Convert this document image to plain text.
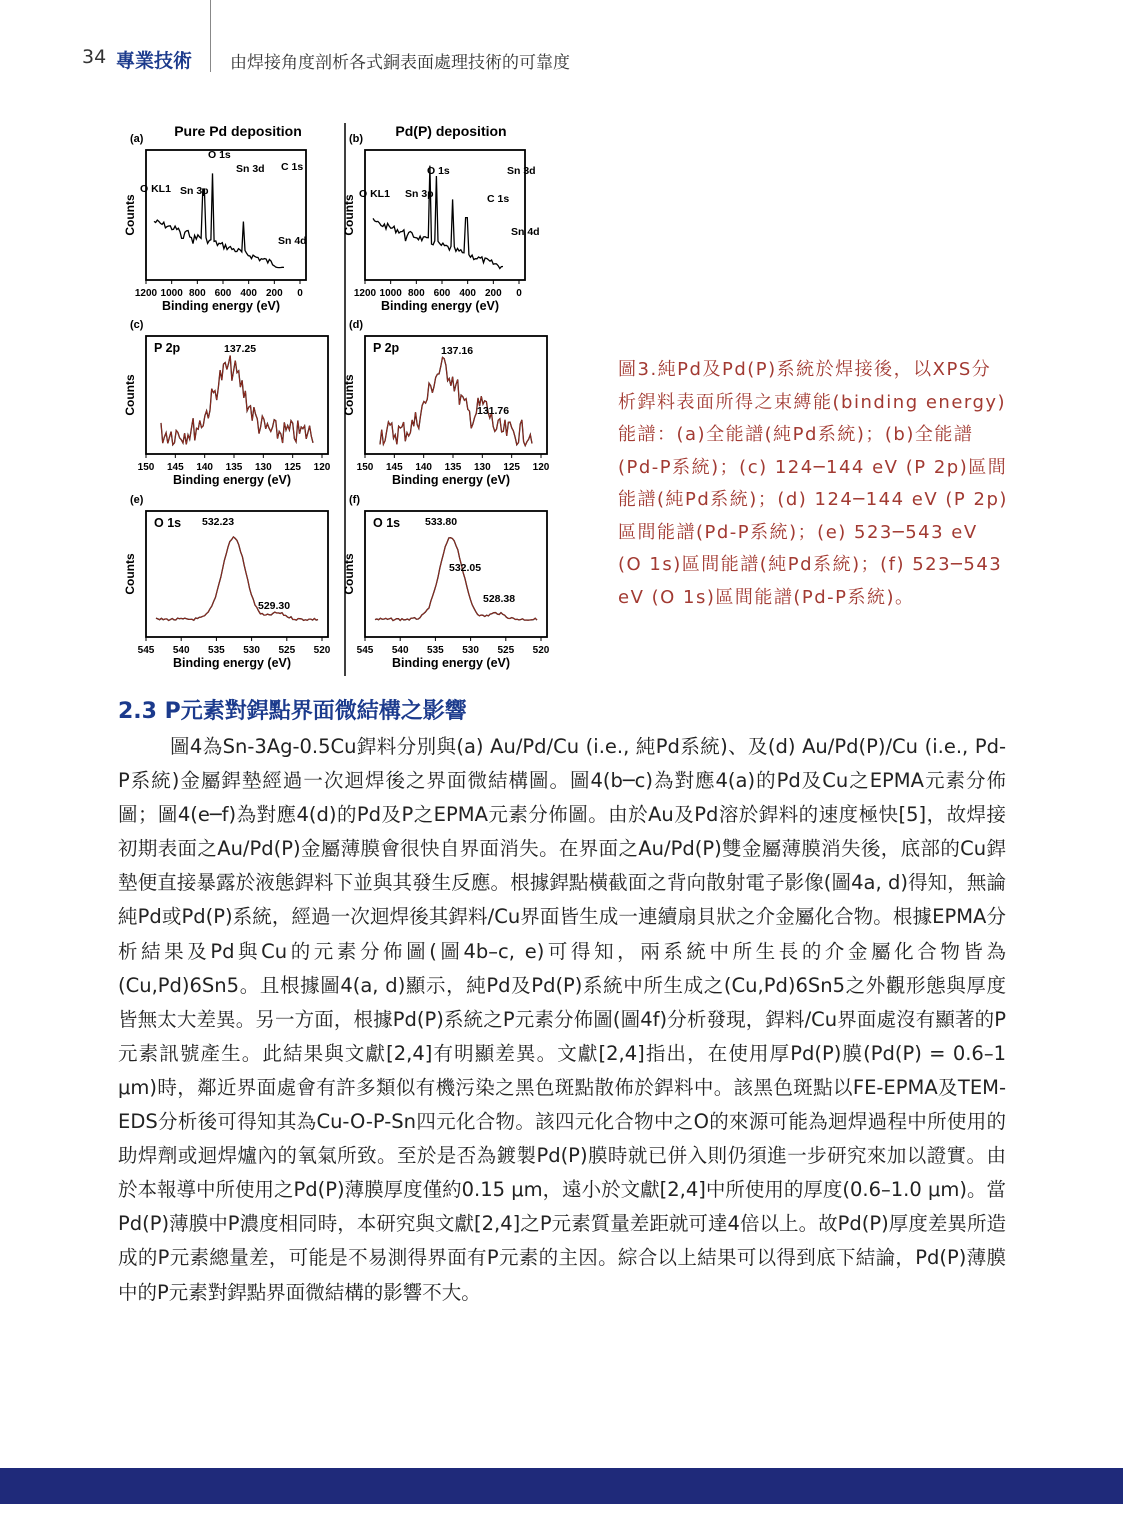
34 專業技術 由焊接角度剖析各式銅表面處理技術的可靠度
Pure Pd deposition	Pd(P) deposition
(a)
Counts
Binding energy (eV)
1200 1000 800 600 400 200 0
O 1s
C 1s
Sn 3d
O KL1 Sn 3p
Sn 4d
(b)
Counts
Binding energy (eV)
1200 1000 800 600 400 200 0
O 1s	Sn 3d
O KL1 Sn 3p	C 1s
Sn 4d
(c)
Counts
Binding energy (eV)
150 145 140 135 130 125 120
P 2p	137.25
(d)
Counts
Binding energy (eV)
150 145 140 135 130 125 120
P 2p	137.16
131.76
(e)
Counts
Binding energy (eV)
545 540 535 530 525 520
O 1s 532.23
529.30
(f)
Counts
Binding energy (eV)
545 540 535 530 525 520
O 1s 533.80
532.05
528.38
圖3.純Pd及Pd(P)系統於焊接後，以XPS分析銲料表面所得之束縛能(binding energy)能譜：(a)全能譜(純Pd系統)；(b)全能譜(Pd-P系統)；(c) 124─144 eV (P 2p)區間能譜(純Pd系統)；(d) 124─144 eV (P 2p)區間能譜(Pd-P系統)；(e) 523─543 eV (O 1s)區間能譜(純Pd系統)；(f) 523─543 eV (O 1s)區間能譜(Pd-P系統)。
2.3 P元素對銲點界面微結構之影響

圖4為Sn-3Ag-0.5Cu銲料分別與(a) Au/Pd/Cu (i.e., 純Pd系統)、及(d) Au/Pd(P)/Cu (i.e., Pd-P系統)金屬銲墊經過一次迴焊後之界面微結構圖。圖4(b─c)為對應4(a)的Pd及Cu之EPMA元素分佈圖；圖4(e─f)為對應4(d)的Pd及P之EPMA元素分佈圖。由於Au及Pd溶於銲料的速度極快[5]，故焊接初期表面之Au/Pd(P)金屬薄膜會很快自界面消失。在界面之Au/Pd(P)雙金屬薄膜消失後，底部的Cu銲墊便直接暴露於液態銲料下並與其發生反應。根據銲點橫截面之背向散射電子影像(圖4a, d)得知，無論純Pd或Pd(P)系統，經過一次迴焊後其銲料/Cu界面皆生成一連續扇貝狀之介金屬化合物。根據EPMA分析結果及Pd與Cu的元素分佈圖(圖4b–c, e)可得知，兩系統中所生長的介金屬化合物皆為(Cu,Pd)6Sn5。且根據圖4(a, d)顯示，純Pd及Pd(P)系統中所生成之(Cu,Pd)6Sn5之外觀形態與厚度皆無太大差異。另一方面，根據Pd(P)系統之P元素分佈圖(圖4f)分析發現，銲料/Cu界面處沒有顯著的P元素訊號產生。此結果與文獻[2,4]有明顯差異。文獻[2,4]指出，在使用厚Pd(P)膜(Pd(P) = 0.6–1 μm)時，鄰近界面處會有許多類似有機污染之黑色斑點散佈於銲料中。該黑色斑點以FE-EPMA及TEM-EDS分析後可得知其為Cu-O-P-Sn四元化合物。該四元化合物中之O的來源可能為迴焊過程中所使用的助焊劑或迴焊爐內的氧氣所致。至於是否為鍍製Pd(P)膜時就已併入則仍須進一步研究來加以證實。由於本報導中所使用之Pd(P)薄膜厚度僅約0.15 μm，遠小於文獻[2,4]中所使用的厚度(0.6–1.0 μm)。當Pd(P)薄膜中P濃度相同時，本研究與文獻[2,4]之P元素質量差距就可達4倍以上。故Pd(P)厚度差異所造成的P元素總量差，可能是不易測得界面有P元素的主因。綜合以上結果可以得到底下結論，Pd(P)薄膜中的P元素對銲點界面微結構的影響不大。
